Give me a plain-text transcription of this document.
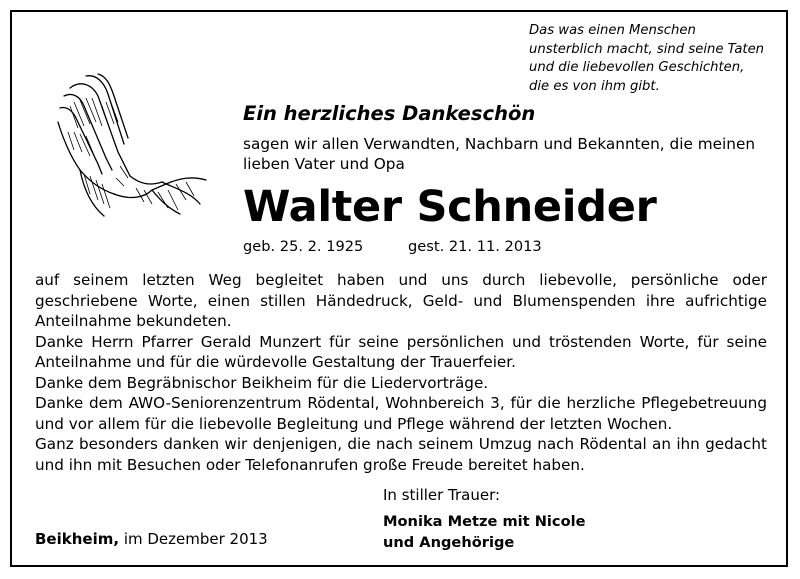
Das was einen Menschen
unsterblich macht, sind seine Taten
und die liebevollen Geschichten,
die es von ihm gibt.
Ein herzliches Dankeschön
sagen wir allen Verwandten, Nachbarn und Bekannten, die meinen
lieben Vater und Opa
Walter Schneider
geb. 25. 2. 1925	gest. 21. 11. 2013

auf seinem letzten Weg begleitet haben und uns durch liebevolle, persönliche oder geschriebene Worte, einen stillen Händedruck, Geld- und Blumenspenden ihre aufrichtige Anteilnahme bekundeten.

Danke Herrn Pfarrer Gerald Munzert für seine persönlichen und tröstenden Worte, für seine Anteilnahme und für die würdevolle Gestaltung der Trauerfeier.

Danke dem Begräbnischor Beikheim für die Liedervorträge.

Danke dem AWO-Seniorenzentrum Rödental, Wohnbereich 3, für die herzliche Pflegebetreuung und vor allem für die liebevolle Begleitung und Pflege während der letzten Wochen.

Ganz besonders danken wir denjenigen, die nach seinem Umzug nach Rödental an ihn gedacht und ihn mit Besuchen oder Telefonanrufen große Freude bereitet haben.

In stiller Trauer:
Monika Metze mit Nicole
und Angehörige
Beikheim, im Dezember 2013
